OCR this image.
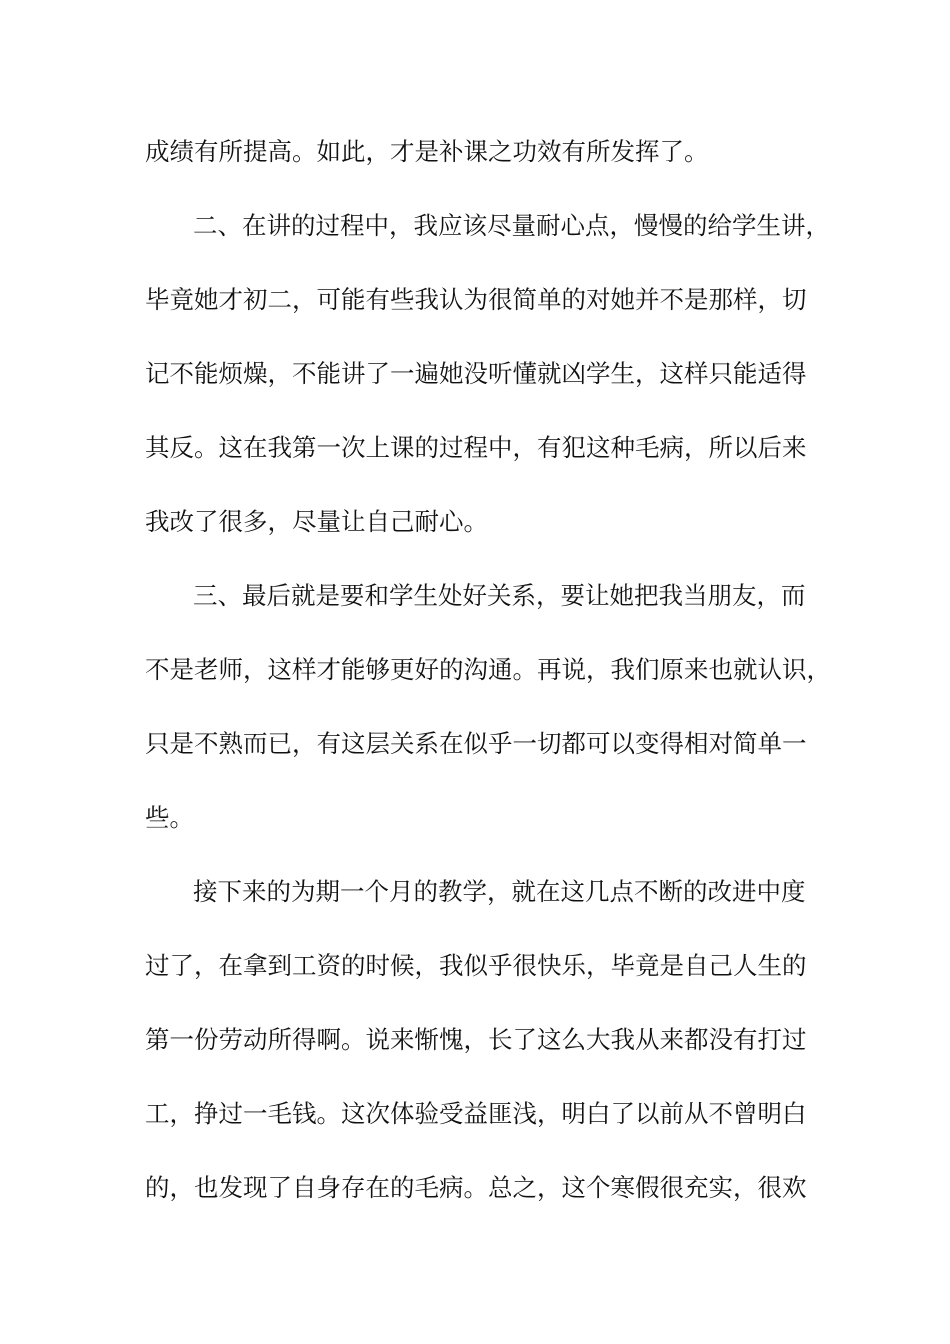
成绩有所提高。如此，才是补课之功效有所发挥了。
二、在讲的过程中，我应该尽量耐心点，慢慢的给学生讲，
毕竟她才初二，可能有些我认为很简单的对她并不是那样，切
记不能烦燥，不能讲了一遍她没听懂就凶学生，这样只能适得
其反。这在我第一次上课的过程中，有犯这种毛病，所以后来
我改了很多，尽量让自己耐心。
三、最后就是要和学生处好关系，要让她把我当朋友，而
不是老师，这样才能够更好的沟通。再说，我们原来也就认识，
只是不熟而已，有这层关系在似乎一切都可以变得相对简单一
些。
接下来的为期一个月的教学，就在这几点不断的改进中度
过了，在拿到工资的时候，我似乎很快乐，毕竟是自己人生的
第一份劳动所得啊。说来惭愧，长了这么大我从来都没有打过
工，挣过一毛钱。这次体验受益匪浅，明白了以前从不曾明白
的，也发现了自身存在的毛病。总之，这个寒假很充实，很欢
